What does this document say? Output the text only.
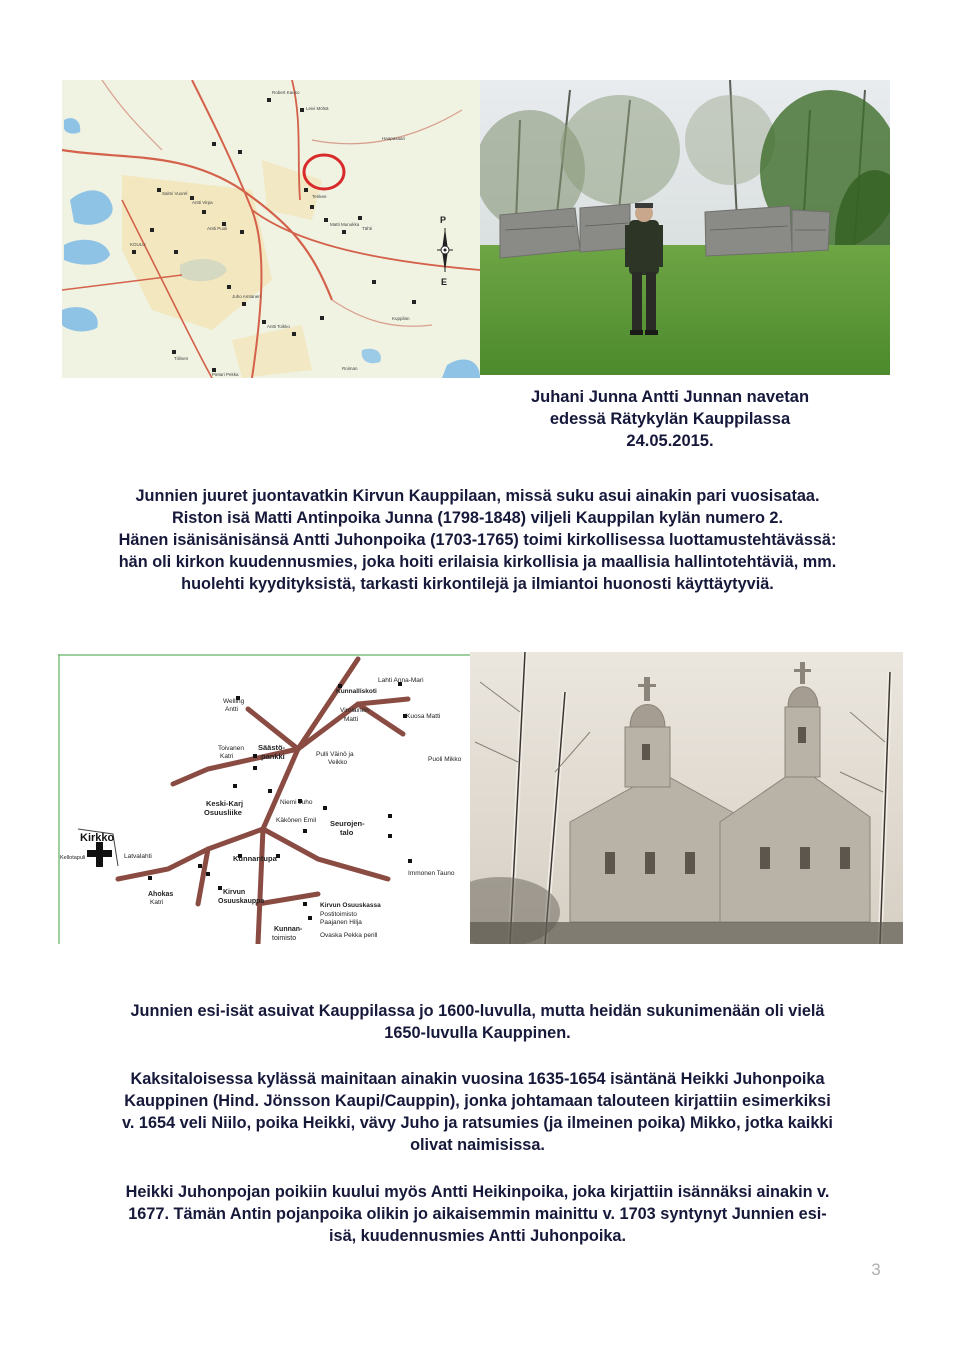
Robert Kauko
Leivi Mölsä
Salmi Vuorel
Antti Virpa
KOULU
Antti Puoli
Tenkee
Matti Munukka
Tähti
Juho Amtanen
Antti Toikko
Tiilinen
Pietari Pekka
Haapasaari
Kuppilan
Roiman
P
E
Juhani Junna Antti Junnan navetan
edessä Rätykylän Kauppilassa
24.05.2015.
Junnien juuret juontavatkin Kirvun Kauppilaan, missä suku asui ainakin pari vuosisataa.
Riston isä Matti Antinpoika Junna (1798-1848) viljeli Kauppilan kylän numero 2.
Hänen isänisänisänsä Antti Juhonpoika (1703-1765) toimi kirkollisessa luottamustehtävässä:
hän oli kirkon kuudennusmies, joka hoiti erilaisia kirkollisia ja maallisia hallintotehtäviä, mm.
huolehti kyydityksistä, tarkasti kirkontilejä ja ilmiantoi huonosti käyttäytyviä.
Kirkko
Kunnalliskoti
Säästö-
pankki
Welling
Antti
Lahti Anna-Mari
Virolainen
Matti	Kuosa Matti
Puoli Mikko
Toivanen
Katri	Pulli Väinö ja
Veikko
Keski-Karj
Osuusliike
Käkönen Emil Seurojen-
talo
Kunnantupa
Kirvun
Osuuskauppa
Kunnan-
toimisto
Kirvun Osuuskassa
Ahokas
Katri
Latvalahti
Immonen Tauno
Ovaska Pekka perill
Postitoimisto
Paajanen Hilja
Niemi Juho
Kellotapuli
Junnien esi-isät asuivat Kauppilassa jo 1600-luvulla, mutta heidän sukunimenään oli vielä
1650-luvulla Kauppinen.
Kaksitaloisessa kylässä mainitaan ainakin vuosina 1635-1654 isäntänä Heikki Juhonpoika
Kauppinen (Hind. Jönsson Kaupi/Cauppin), jonka johtamaan talouteen kirjattiin esimerkiksi
v. 1654 veli Niilo, poika Heikki, vävy Juho ja ratsumies (ja ilmeinen poika) Mikko, jotka kaikki
olivat naimisissa.
Heikki Juhonpojan poikiin kuului myös Antti Heikinpoika, joka kirjattiin isännäksi ainakin v.
1677. Tämän Antin pojanpoika olikin jo aikaisemmin mainittu v. 1703 syntynyt Junnien esi-
isä, kuudennusmies Antti Juhonpoika.
3
